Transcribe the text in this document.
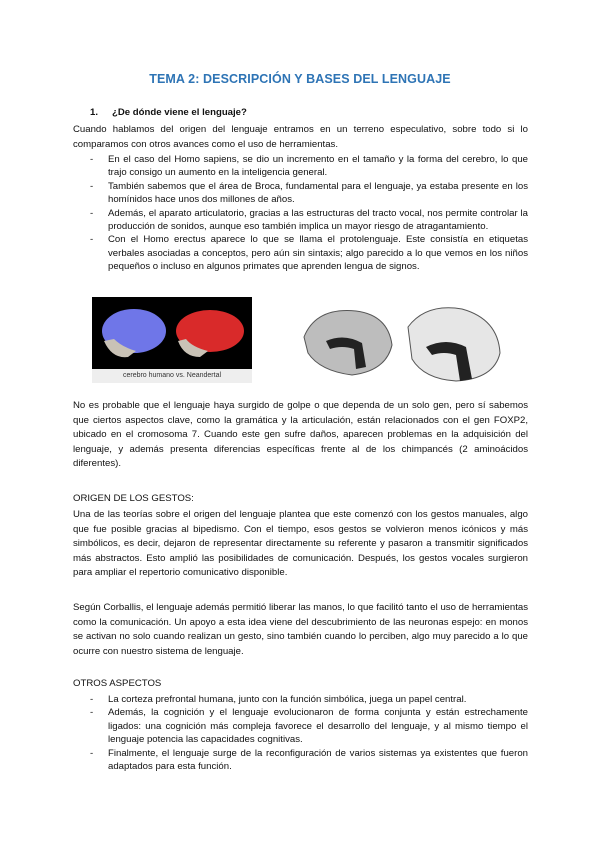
TEMA 2: DESCRIPCIÓN Y BASES DEL LENGUAJE
1. ¿De dónde viene el lenguaje?

Cuando hablamos del origen del lenguaje entramos en un terreno especulativo, sobre todo si lo comparamos con otros avances como el uso de herramientas.

- En el caso del Homo sapiens, se dio un incremento en el tamaño y la forma del cerebro, lo que trajo consigo un aumento en la inteligencia general.
- También sabemos que el área de Broca, fundamental para el lenguaje, ya estaba presente en los homínidos hace unos dos millones de años.
- Además, el aparato articulatorio, gracias a las estructuras del tracto vocal, nos permite controlar la producción de sonidos, aunque eso también implica un mayor riesgo de atragantamiento.
- Con el Homo erectus aparece lo que se llama el protolenguaje. Este consistía en etiquetas verbales asociadas a conceptos, pero aún sin sintaxis; algo parecido a lo que vemos en los niños pequeños o incluso en algunos primates que aprenden lengua de signos.
cerebro humano vs. Neandertal

No es probable que el lenguaje haya surgido de golpe o que dependa de un solo gen, pero sí sabemos que ciertos aspectos clave, como la gramática y la articulación, están relacionados con el gen FOXP2, ubicado en el cromosoma 7. Cuando este gen sufre daños, aparecen problemas en la adquisición del lenguaje, y además presenta diferencias específicas frente al de los chimpancés (2 aminoácidos diferentes).

ORIGEN DE LOS GESTOS:

Una de las teorías sobre el origen del lenguaje plantea que este comenzó con los gestos manuales, algo que fue posible gracias al bipedismo. Con el tiempo, esos gestos se volvieron menos icónicos y más simbólicos, es decir, dejaron de representar directamente su referente y pasaron a transmitir significados más abstractos. Esto amplió las posibilidades de comunicación. Después, los gestos vocales surgieron para ampliar el repertorio comunicativo disponible.

Según Corballis, el lenguaje además permitió liberar las manos, lo que facilitó tanto el uso de herramientas como la comunicación. Un apoyo a esta idea viene del descubrimiento de las neuronas espejo: en monos se activan no solo cuando realizan un gesto, sino también cuando lo perciben, algo muy parecido a lo que ocurre con nuestro sistema de lenguaje.

OTROS ASPECTOS
- La corteza prefrontal humana, junto con la función simbólica, juega un papel central.
- Además, la cognición y el lenguaje evolucionaron de forma conjunta y están estrechamente ligados: una cognición más compleja favorece el desarrollo del lenguaje, y al mismo tiempo el lenguaje potencia las capacidades cognitivas.
- Finalmente, el lenguaje surge de la reconfiguración de varios sistemas ya existentes que fueron adaptados para esta función.
